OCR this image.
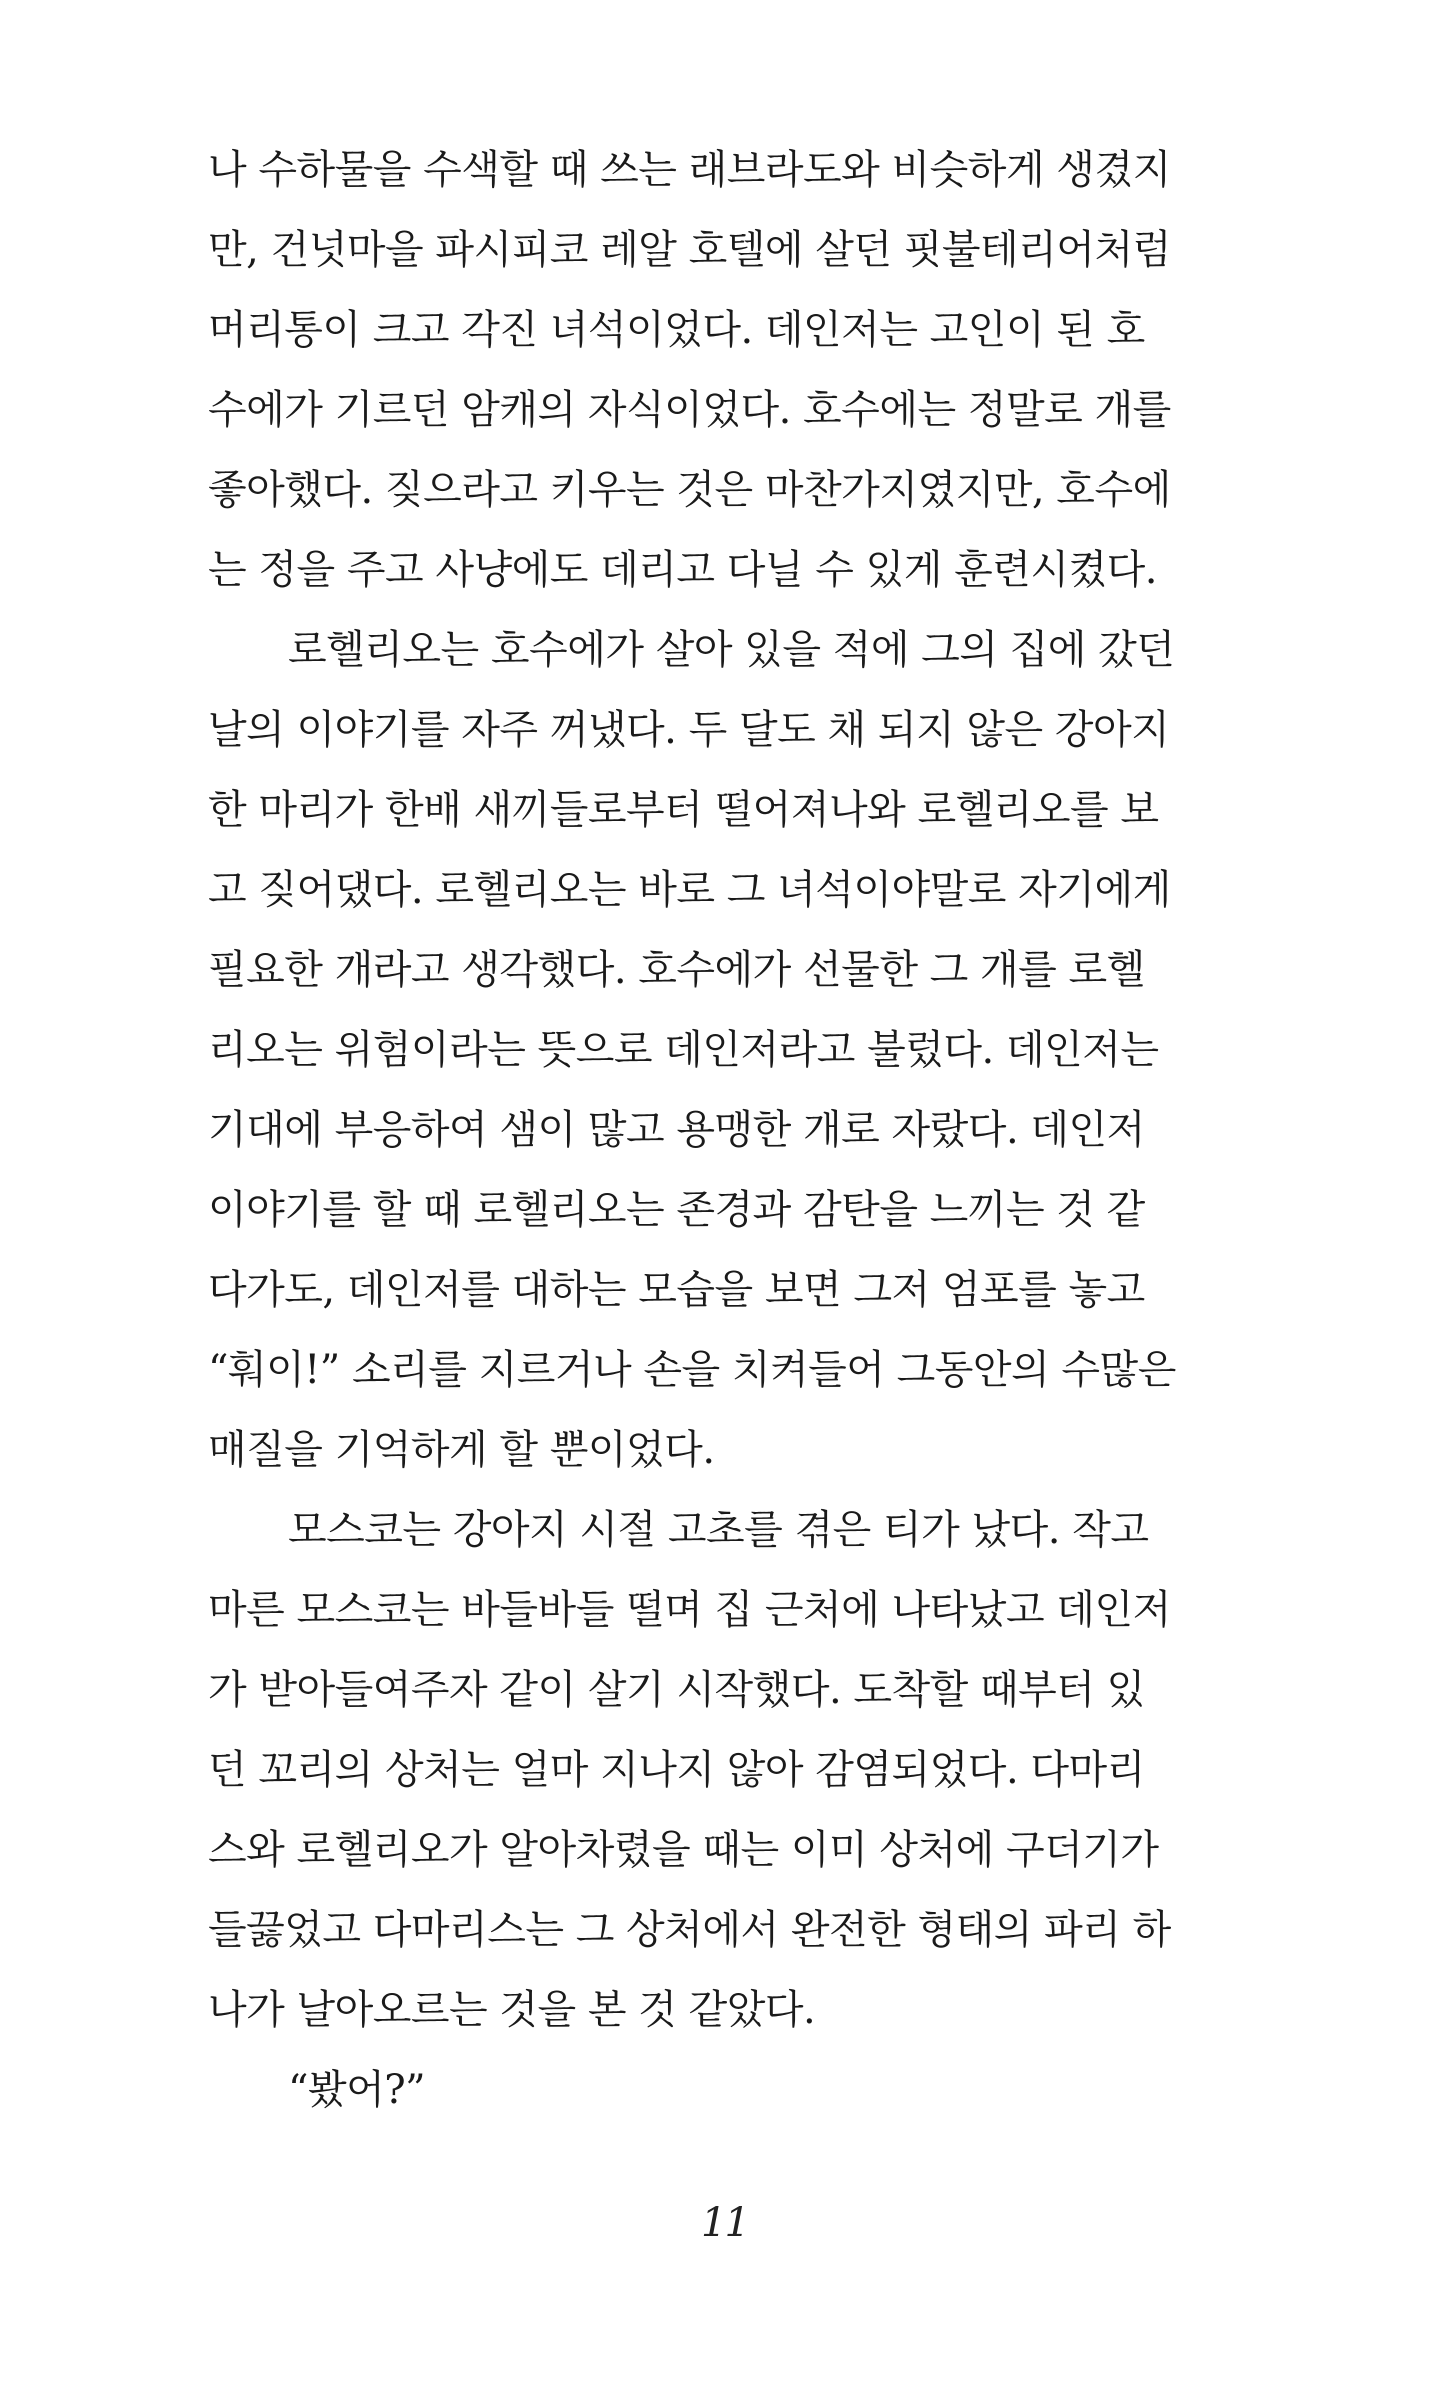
나 수하물을 수색할 때 쓰는 래브라도와 비슷하게 생겼지
만, 건넛마을 파시피코 레알 호텔에 살던 핏불테리어처럼
머리통이 크고 각진 녀석이었다. 데인저는 고인이 된 호
수에가 기르던 암캐의 자식이었다. 호수에는 정말로 개를
좋아했다. 짖으라고 키우는 것은 마찬가지였지만, 호수에
는 정을 주고 사냥에도 데리고 다닐 수 있게 훈련시켰다.
로헬리오는 호수에가 살아 있을 적에 그의 집에 갔던
날의 이야기를 자주 꺼냈다. 두 달도 채 되지 않은 강아지
한 마리가 한배 새끼들로부터 떨어져나와 로헬리오를 보
고 짖어댔다. 로헬리오는 바로 그 녀석이야말로 자기에게
필요한 개라고 생각했다. 호수에가 선물한 그 개를 로헬
리오는 위험이라는 뜻으로 데인저라고 불렀다. 데인저는
기대에 부응하여 샘이 많고 용맹한 개로 자랐다. 데인저
이야기를 할 때 로헬리오는 존경과 감탄을 느끼는 것 같
다가도, 데인저를 대하는 모습을 보면 그저 엄포를 놓고
“훠이!” 소리를 지르거나 손을 치켜들어 그동안의 수많은
매질을 기억하게 할 뿐이었다.
모스코는 강아지 시절 고초를 겪은 티가 났다. 작고
마른 모스코는 바들바들 떨며 집 근처에 나타났고 데인저
가 받아들여주자 같이 살기 시작했다. 도착할 때부터 있
던 꼬리의 상처는 얼마 지나지 않아 감염되었다. 다마리
스와 로헬리오가 알아차렸을 때는 이미 상처에 구더기가
들끓었고 다마리스는 그 상처에서 완전한 형태의 파리 하
나가 날아오르는 것을 본 것 같았다.
“봤어?”
11
